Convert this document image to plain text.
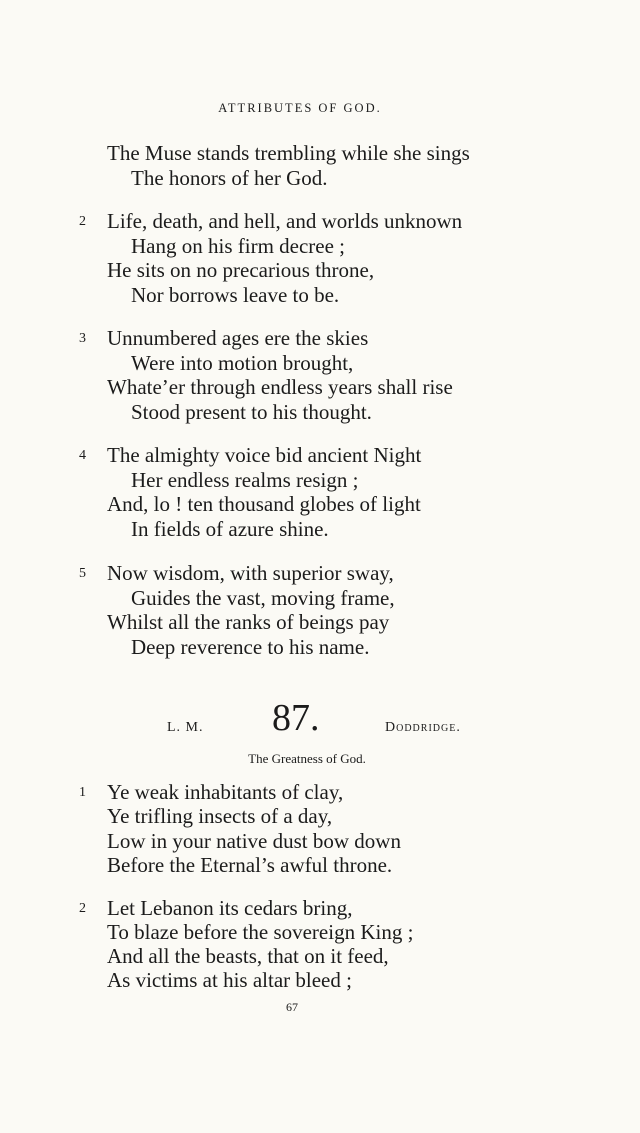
ATTRIBUTES OF GOD.
The Muse stands trembling while she sings
The honors of her God.
2 Life, death, and hell, and worlds unknown
Hang on his firm decree ;
He sits on no precarious throne,
Nor borrows leave to be.
3 Unnumbered ages ere the skies
Were into motion brought,
Whate’er through endless years shall rise
Stood present to his thought.
4 The almighty voice bid ancient Night
Her endless realms resign ;
And, lo ! ten thousand globes of light
In fields of azure shine.
5 Now wisdom, with superior sway,
Guides the vast, moving frame,
Whilst all the ranks of beings pay
Deep reverence to his name.
L. M. 87.	Doddridge.
The Greatness of God.
1 Ye weak inhabitants of clay,
Ye trifling insects of a day,
Low in your native dust bow down
Before the Eternal’s awful throne.
2 Let Lebanon its cedars bring,
To blaze before the sovereign King ;
And all the beasts, that on it feed,
As victims at his altar bleed ;
67
